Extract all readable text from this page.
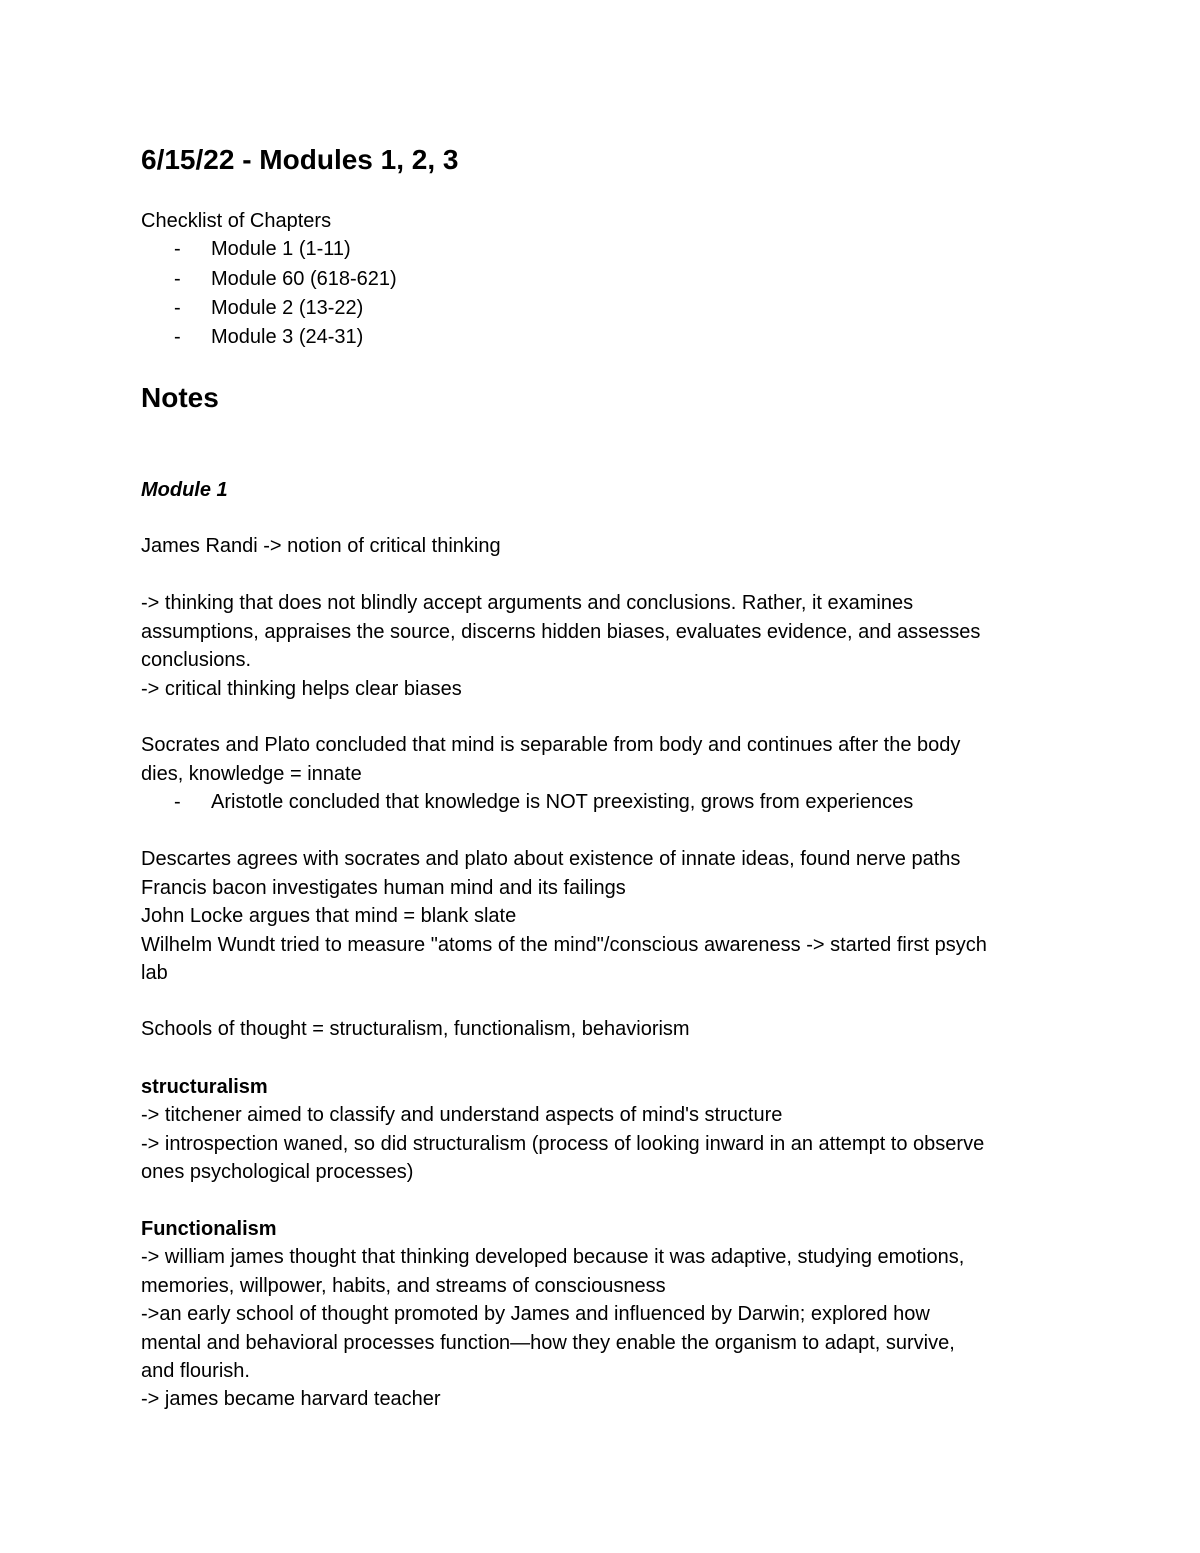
6/15/22 - Modules 1, 2, 3
Checklist of Chapters
- Module 1 (1-11)
- Module 60 (618-621)
- Module 2 (13-22)
- Module 3 (24-31)
Notes
Module 1
James Randi -> notion of critical thinking
-> thinking that does not blindly accept arguments and conclusions. Rather, it examines
assumptions, appraises the source, discerns hidden biases, evaluates evidence, and assesses
conclusions.
-> critical thinking helps clear biases
Socrates and Plato concluded that mind is separable from body and continues after the body
dies, knowledge = innate
- Aristotle concluded that knowledge is NOT preexisting, grows from experiences
Descartes agrees with socrates and plato about existence of innate ideas, found nerve paths
Francis bacon investigates human mind and its failings
John Locke argues that mind = blank slate
Wilhelm Wundt tried to measure "atoms of the mind"/conscious awareness -> started first psych
lab
Schools of thought = structuralism, functionalism, behaviorism
structuralism
-> titchener aimed to classify and understand aspects of mind's structure
-> introspection waned, so did structuralism (process of looking inward in an attempt to observe
ones psychological processes)
Functionalism
-> william james thought that thinking developed because it was adaptive, studying emotions,
memories, willpower, habits, and streams of consciousness
->an early school of thought promoted by James and influenced by Darwin; explored how
mental and behavioral processes function—how they enable the organism to adapt, survive,
and flourish.
-> james became harvard teacher
